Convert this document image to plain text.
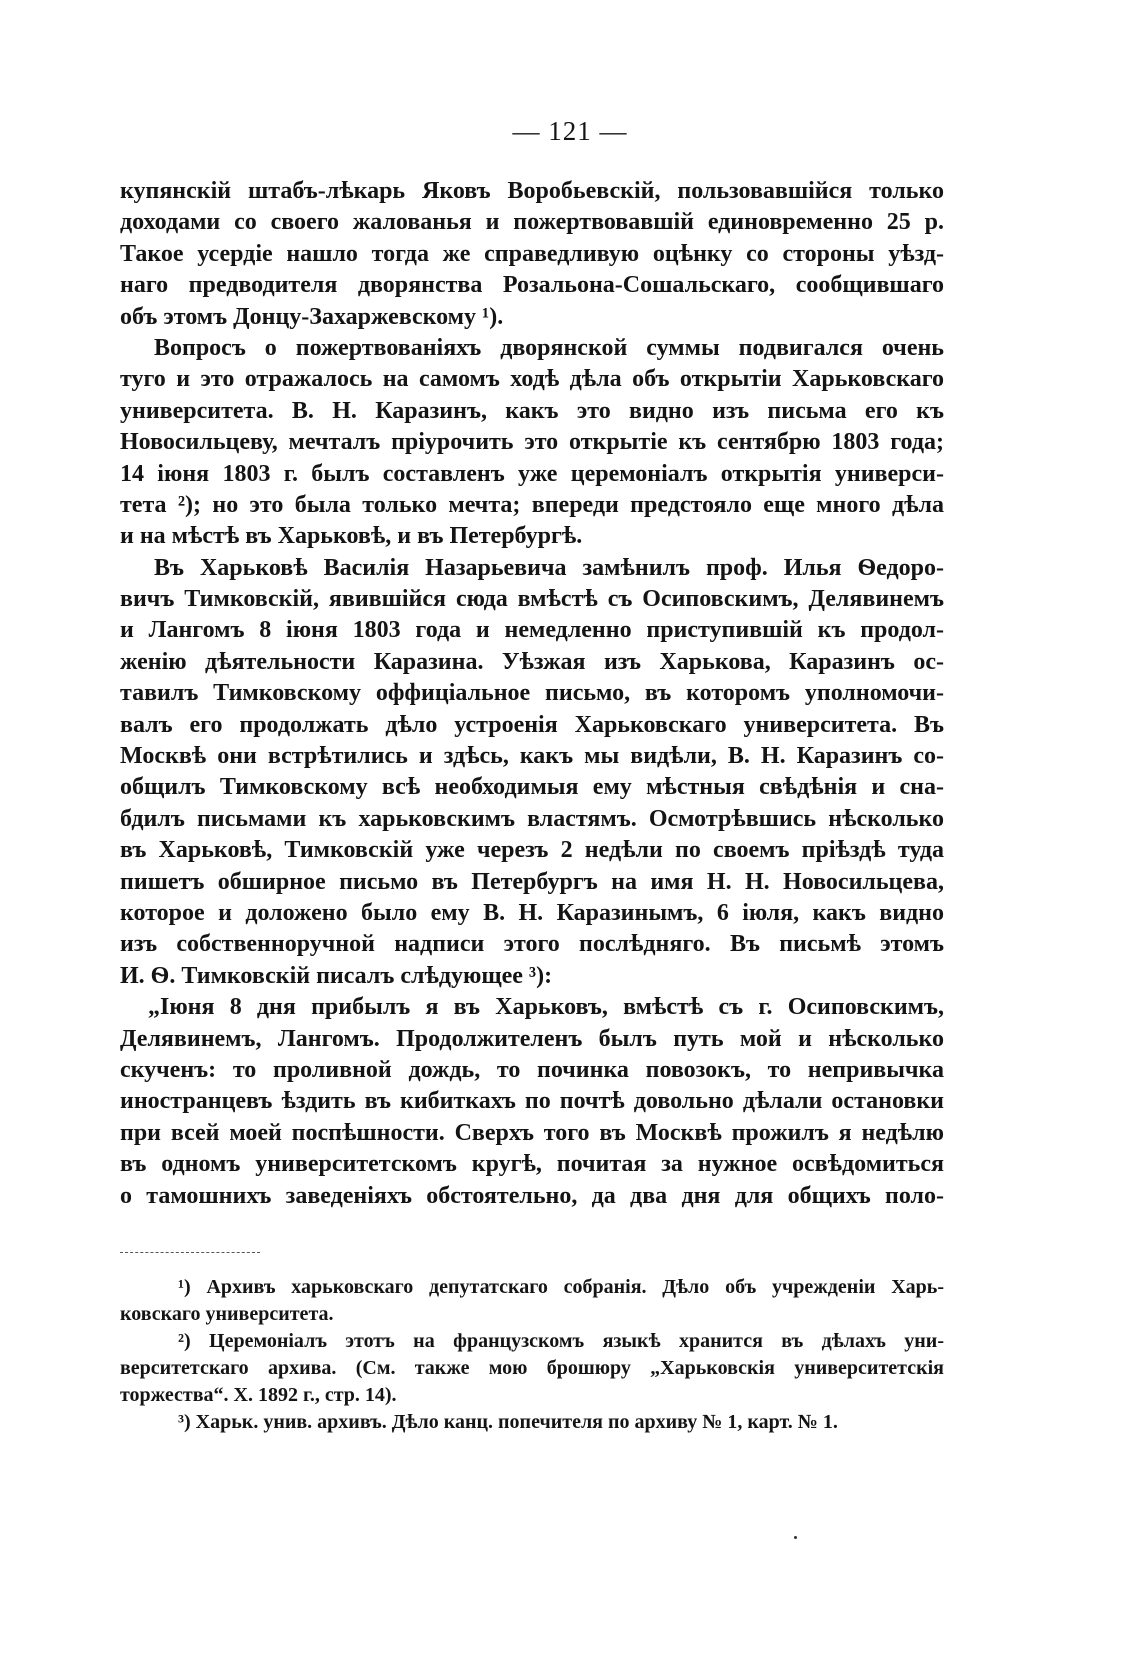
— 121 —
купянскій штабъ-лѣкарь Яковъ Воробьевскій, пользовавшійся только
доходами со своего жалованья и пожертвовавшій единовременно 25 р.
Такое усердіе нашло тогда же справедливую оцѣнку со стороны уѣзд-
наго предводителя дворянства Розальона-Сошальскаго, сообщившаго
объ этомъ Донцу-Захаржевскому ¹).
Вопросъ о пожертвованіяхъ дворянской суммы подвигался очень
туго и это отражалось на самомъ ходѣ дѣла объ открытіи Харьковскаго
университета. В. Н. Каразинъ, какъ это видно изъ письма его къ
Новосильцеву, мечталъ пріурочить это открытіе къ сентябрю 1803 года;
14 іюня 1803 г. былъ составленъ уже церемоніалъ открытія универси-
тета ²); но это была только мечта; впереди предстояло еще много дѣла
и на мѣстѣ въ Харьковѣ, и въ Петербургѣ.
Въ Харьковѣ Василія Назарьевича замѣнилъ проф. Илья Ѳедоро-
вичъ Тимковскій, явившійся сюда вмѣстѣ съ Осиповскимъ, Делявинемъ
и Лангомъ 8 іюня 1803 года и немедленно приступившій къ продол-
женію дѣятельности Каразина. Уѣзжая изъ Харькова, Каразинъ ос-
тавилъ Тимковскому оффиціальное письмо, въ которомъ уполномочи-
валъ его продолжать дѣло устроенія Харьковскаго университета. Въ
Москвѣ они встрѣтились и здѣсь, какъ мы видѣли, В. Н. Каразинъ со-
общилъ Тимковскому всѣ необходимыя ему мѣстныя свѣдѣнія и сна-
бдилъ письмами къ харьковскимъ властямъ. Осмотрѣвшись нѣсколько
въ Харьковѣ, Тимковскій уже черезъ 2 недѣли по своемъ пріѣздѣ туда
пишетъ обширное письмо въ Петербургъ на имя Н. Н. Новосильцева,
которое и доложено было ему В. Н. Каразинымъ, 6 іюля, какъ видно
изъ собственноручной надписи этого послѣдняго. Въ письмѣ этомъ
И. Ѳ. Тимковскій писалъ слѣдующее ³):
„Іюня 8 дня прибылъ я въ Харьковъ, вмѣстѣ съ г. Осиповскимъ,
Делявинемъ, Лангомъ. Продолжителенъ былъ путь мой и нѣсколько
скученъ: то проливной дождь, то починка повозокъ, то непривычка
иностранцевъ ѣздить въ кибиткахъ по почтѣ довольно дѣлали остановки
при всей моей поспѣшности. Сверхъ того въ Москвѣ прожилъ я недѣлю
въ одномъ университетскомъ кругѣ, почитая за нужное освѣдомиться
о тамошнихъ заведеніяхъ обстоятельно, да два дня для общихъ поло-
¹) Архивъ харьковскаго депутатскаго собранія. Дѣло объ учрежденіи Харь-
ковскаго университета.
²) Церемоніалъ этотъ на французскомъ языкѣ хранится въ дѣлахъ уни-
верситетскаго архива. (См. также мою брошюру „Харьковскія университетскія
торжества“. X. 1892 г., стр. 14).
³) Харьк. унив. архивъ. Дѣло канц. попечителя по архиву № 1, карт. № 1.
